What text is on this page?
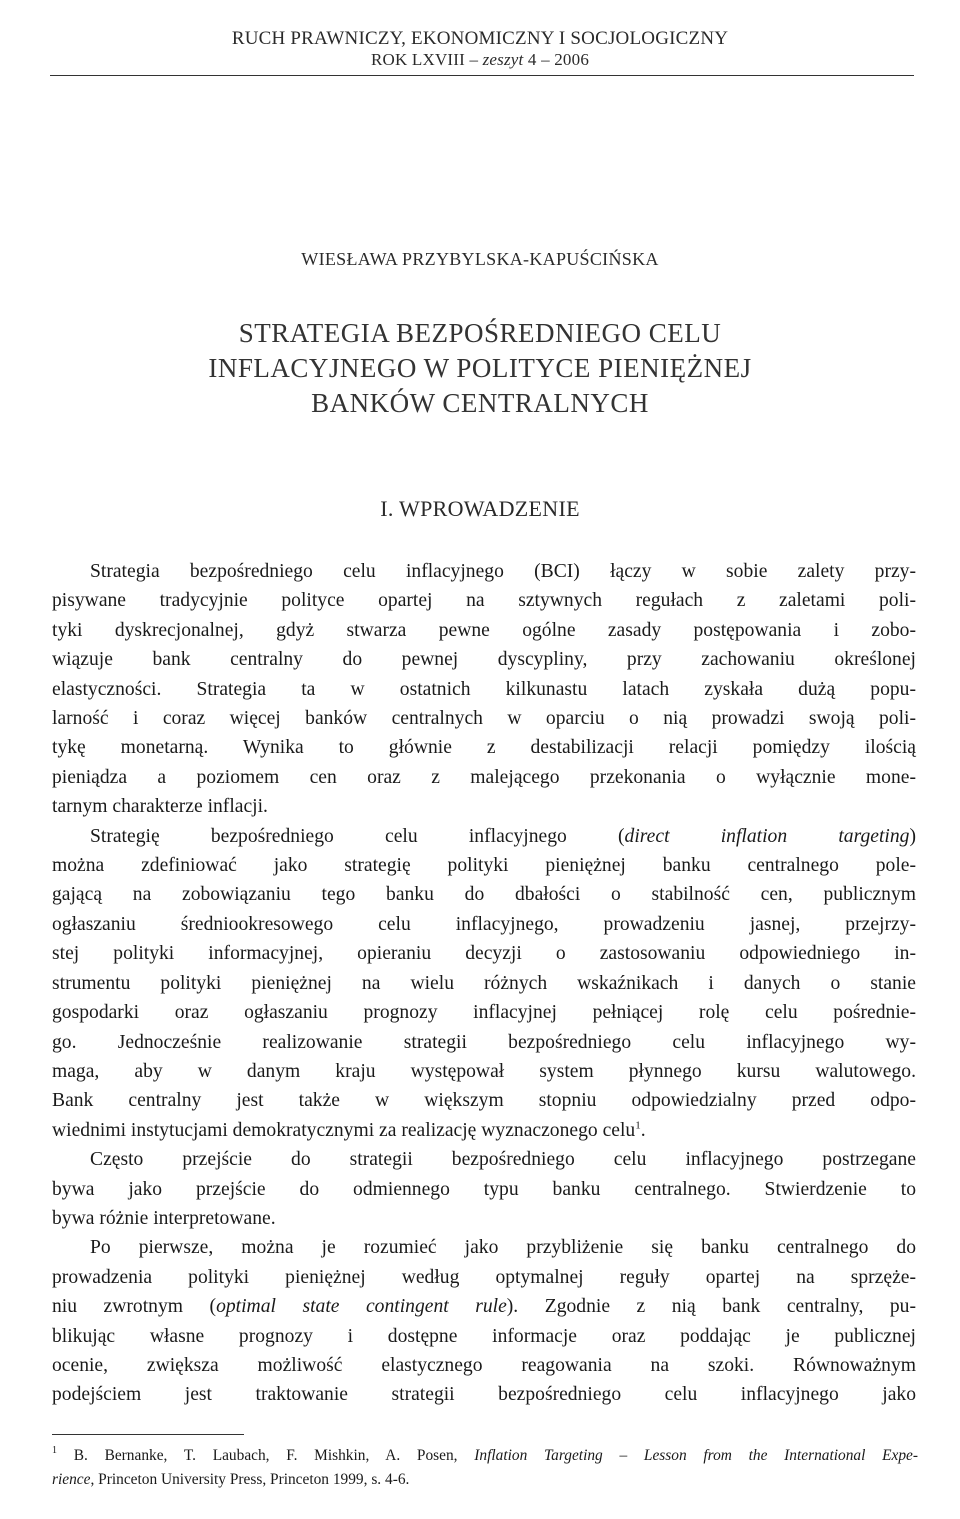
RUCH PRAWNICZY, EKONOMICZNY I SOCJOLOGICZNY
ROK LXVIII – zeszyt 4 – 2006
WIESŁAWA PRZYBYLSKA-KAPUŚCIŃSKA
STRATEGIA BEZPOŚREDNIEGO CELU
INFLACYJNEGO W POLITYCE PIENIĘŻNEJ
BANKÓW CENTRALNYCH
I. WPROWADZENIE
Strategia bezpośredniego celu inflacyjnego (BCI) łączy w sobie zalety przy-
pisywane tradycyjnie polityce opartej na sztywnych regułach z zaletami poli-
tyki dyskrecjonalnej, gdyż stwarza pewne ogólne zasady postępowania i zobo-
wiązuje bank centralny do pewnej dyscypliny, przy zachowaniu określonej
elastyczności. Strategia ta w ostatnich kilkunastu latach zyskała dużą popu-
larność i coraz więcej banków centralnych w oparciu o nią prowadzi swoją poli-
tykę monetarną. Wynika to głównie z destabilizacji relacji pomiędzy ilością
pieniądza a poziomem cen oraz z malejącego przekonania o wyłącznie mone-
tarnym charakterze inflacji.
Strategię bezpośredniego celu inflacyjnego (direct inflation targeting)
można zdefiniować jako strategię polityki pieniężnej banku centralnego pole-
gającą na zobowiązaniu tego banku do dbałości o stabilność cen, publicznym
ogłaszaniu średniookresowego celu inflacyjnego, prowadzeniu jasnej, przejrzy-
stej polityki informacyjnej, opieraniu decyzji o zastosowaniu odpowiedniego in-
strumentu polityki pieniężnej na wielu różnych wskaźnikach i danych o stanie
gospodarki oraz ogłaszaniu prognozy inflacyjnej pełniącej rolę celu pośrednie-
go. Jednocześnie realizowanie strategii bezpośredniego celu inflacyjnego wy-
maga, aby w danym kraju występował system płynnego kursu walutowego.
Bank centralny jest także w większym stopniu odpowiedzialny przed odpo-
wiednimi instytucjami demokratycznymi za realizację wyznaczonego celu$^1$.
Często przejście do strategii bezpośredniego celu inflacyjnego postrzegane
bywa jako przejście do odmiennego typu banku centralnego. Stwierdzenie to
bywa różnie interpretowane.
Po pierwsze, można je rozumieć jako przybliżenie się banku centralnego do
prowadzenia polityki pieniężnej według optymalnej reguły opartej na sprzęże-
niu zwrotnym (optimal state contingent rule). Zgodnie z nią bank centralny, pu-
blikując własne prognozy i dostępne informacje oraz poddając je publicznej
ocenie, zwiększa możliwość elastycznego reagowania na szoki. Równoważnym
podejściem jest traktowanie strategii bezpośredniego celu inflacyjnego jako
$^1$ B. Bernanke, T. Laubach, F. Mishkin, A. Posen, Inflation Targeting – Lesson from the International Expe-
rience, Princeton University Press, Princeton 1999, s. 4-6.
